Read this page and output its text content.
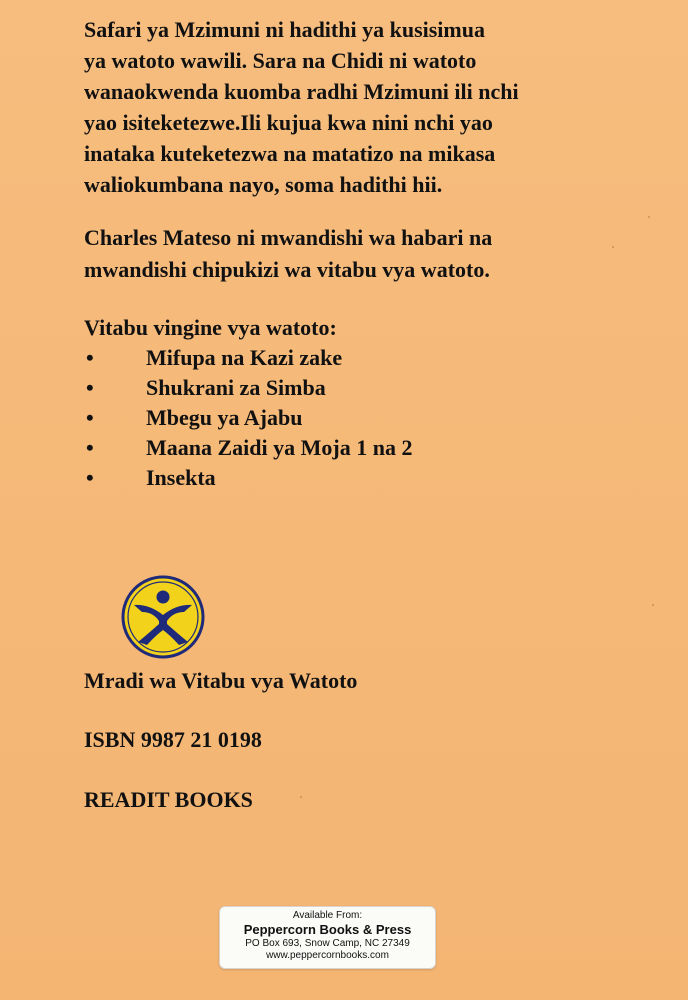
Safari ya Mzimuni ni hadithi ya kusisimua
ya watoto wawili. Sara na Chidi ni watoto
wanaokwenda kuomba radhi Mzimuni ili nchi
yao isiteketezwe.Ili kujua kwa nini nchi yao
inataka kuteketezwa na matatizo na mikasa
waliokumbana nayo, soma hadithi hii.
Charles Mateso ni mwandishi wa habari na
mwandishi chipukizi wa vitabu vya watoto.
Vitabu vingine vya watoto:
• Mifupa na Kazi zake
• Shukrani za Simba
• Mbegu ya Ajabu
• Maana Zaidi ya Moja 1 na 2
• Insekta
Mradi wa Vitabu vya Watoto
ISBN 9987 21 0198
READIT BOOKS
Available From:
Peppercorn Books & Press
PO Box 693, Snow Camp, NC 27349
www.peppercornbooks.com
